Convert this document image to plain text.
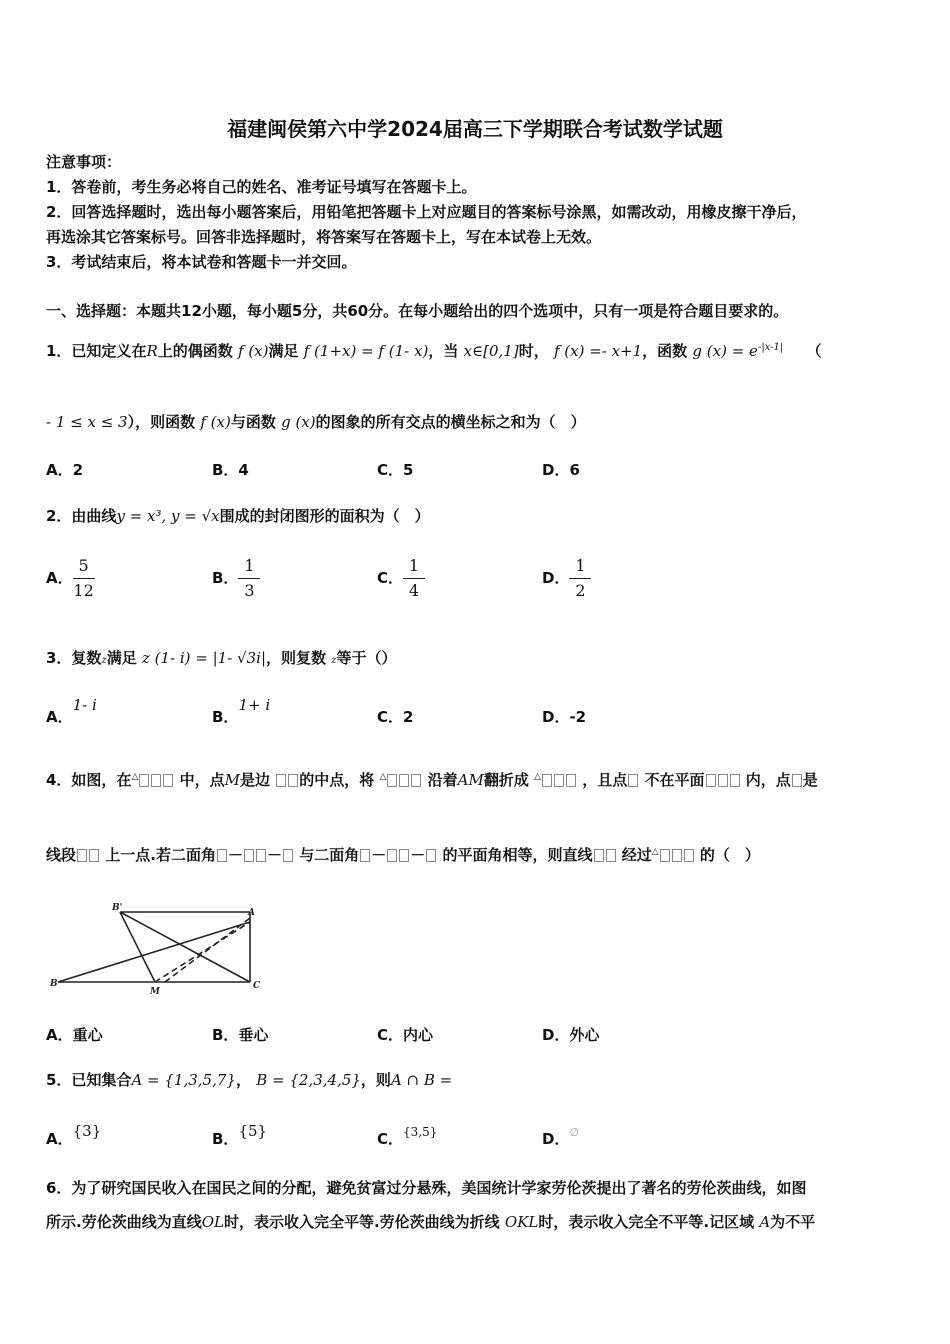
福建闽侯第六中学2024届高三下学期联合考试数学试题
注意事项：
1．答卷前，考生务必将自己的姓名、准考证号填写在答题卡上。
2．回答选择题时，选出每小题答案后，用铅笔把答题卡上对应题目的答案标号涂黑，如需改动，用橡皮擦干净后，
再选涂其它答案标号。回答非选择题时，将答案写在答题卡上，写在本试卷上无效。
3．考试结束后，将本试卷和答题卡一并交回。
一、选择题：本题共12小题，每小题5分，共60分。在每小题给出的四个选项中，只有一项是符合题目要求的。
1．已知定义在R上的偶函数 f (x)满足 f (1+x) = f (1- x)，当 x∈[0,1]时， f (x) =- x+1，函数 g $(x) = e^{-|x-1|}$ （
- 1 ≤ x ≤ 3），则函数 f (x)与函数 g (x)的图象的所有交点的横坐标之和为（　）
A．2	B．4	C．5	D．6
2．由曲线y = x³, y = √x围成的封闭图形的面积为（　）
A． $\frac{5}{12}$	B． $\frac{1}{3}$	C． $\frac{1}{4}$	D． $\frac{1}{2}$
3．复数z满足 z (1- i) = |1- √3i|，则复数 z等于（）
A．1- i
B．1+ i
C．2	D．-2
4．如图，在△	中，点M是边 的中点，将 △	沿着AM翻折成 △	，且点 不在平面	内，点 是
线段 上一点.若二面角 － － 与二面角 － － 的平面角相等，则直线 经过△	的（　）
B'	A
B
M
C
A．重心	B．垂心	C．内心	D．外心
5．已知集合A = {1,3,5,7}， B = {2,3,4,5}，则A ∩ B =
A．{3}	B．{5}	C．$^{\{3,5\}}$	D．∅
6．为了研究国民收入在国民之间的分配，避免贫富过分悬殊，美国统计学家劳伦茨提出了著名的劳伦茨曲线，如图
所示.劳伦茨曲线为直线OL时，表示收入完全平等.劳伦茨曲线为折线 OKL时，表示收入完全不平等.记区域 A为不平
